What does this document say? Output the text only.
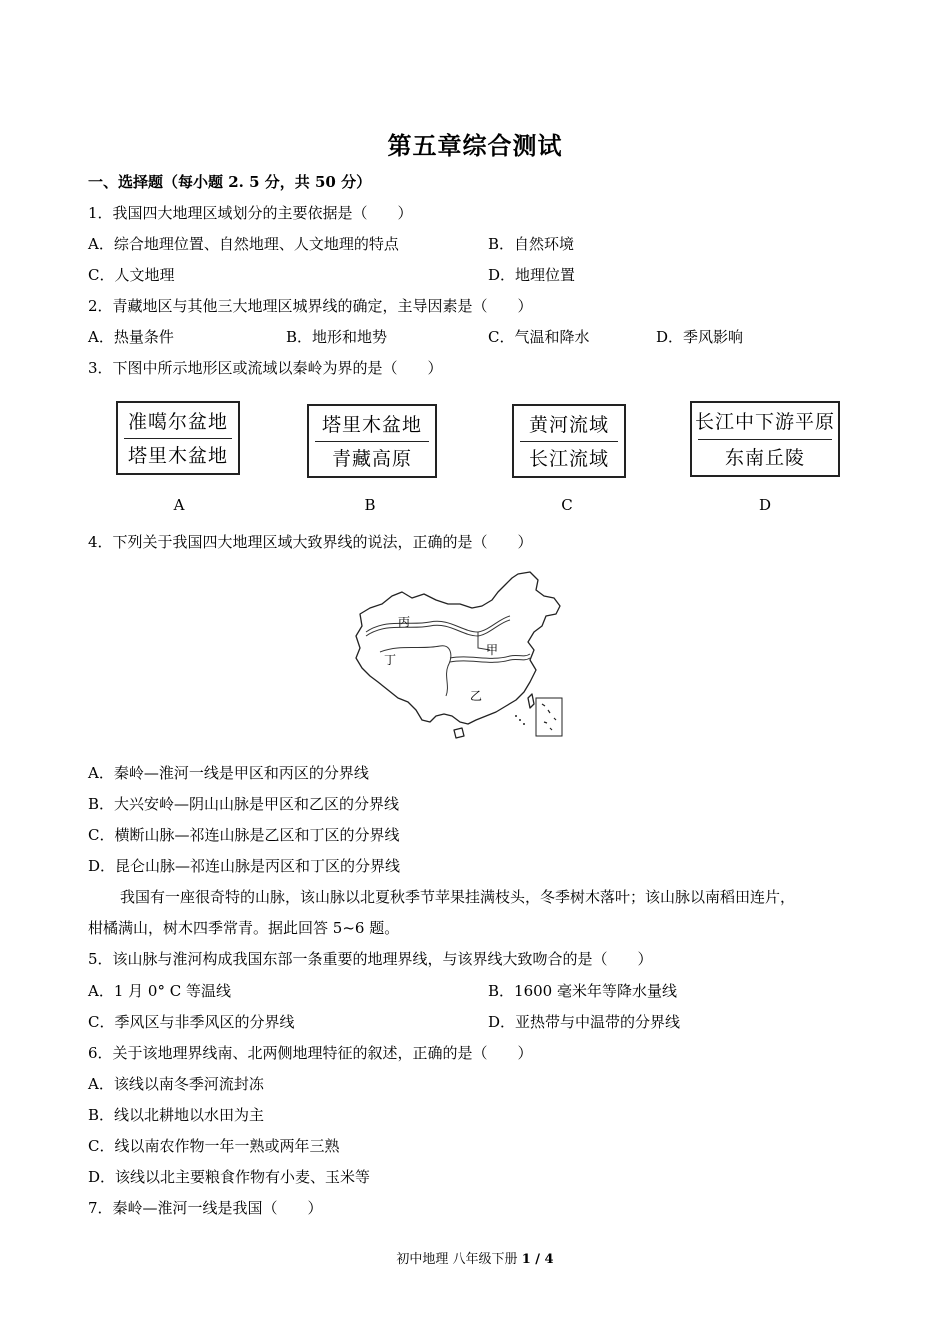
第五章综合测试
一、选择题（每小题 2. 5 分，共 50 分）
1．我国四大地理区域划分的主要依据是（　　）
A．综合地理位置、自然地理、人文地理的特点	B．自然环境
C．人文地理	D．地理位置
2．青藏地区与其他三大地理区城界线的确定，主导因素是（　　）
A．热量条件	B．地形和地势	C．气温和降水	D．季风影响
3．下图中所示地形区或流域以秦岭为界的是（　　）
准噶尔盆地
塔里木盆地
塔里木盆地
青藏高原
黄河流域
长江流域
长江中下游平原
东南丘陵
A	B	C	D
4．下列关于我国四大地理区域大致界线的说法，正确的是（　　）
丙
丁
甲
乙
A．秦岭—淮河一线是甲区和丙区的分界线
B．大兴安岭—阴山山脉是甲区和乙区的分界线
C．横断山脉—祁连山脉是乙区和丁区的分界线
D．昆仑山脉—祁连山脉是丙区和丁区的分界线
我国有一座很奇特的山脉，该山脉以北夏秋季节苹果挂满枝头，冬季树木落叶；该山脉以南稻田连片，
柑橘满山，树木四季常青。据此回答 5~6 题。
5．该山脉与淮河构成我国东部一条重要的地理界线，与该界线大致吻合的是（　　）
A．1 月 0° C 等温线	B．1600 毫米年等降水量线
C．季风区与非季风区的分界线	D．亚热带与中温带的分界线
6．关于该地理界线南、北两侧地理特征的叙述，正确的是（　　）
A．该线以南冬季河流封冻
B．线以北耕地以水田为主
C．线以南农作物一年一熟或两年三熟
D．该线以北主要粮食作物有小麦、玉米等
7．秦岭—淮河一线是我国（　　）
初中地理 八年级下册 1 / 4
